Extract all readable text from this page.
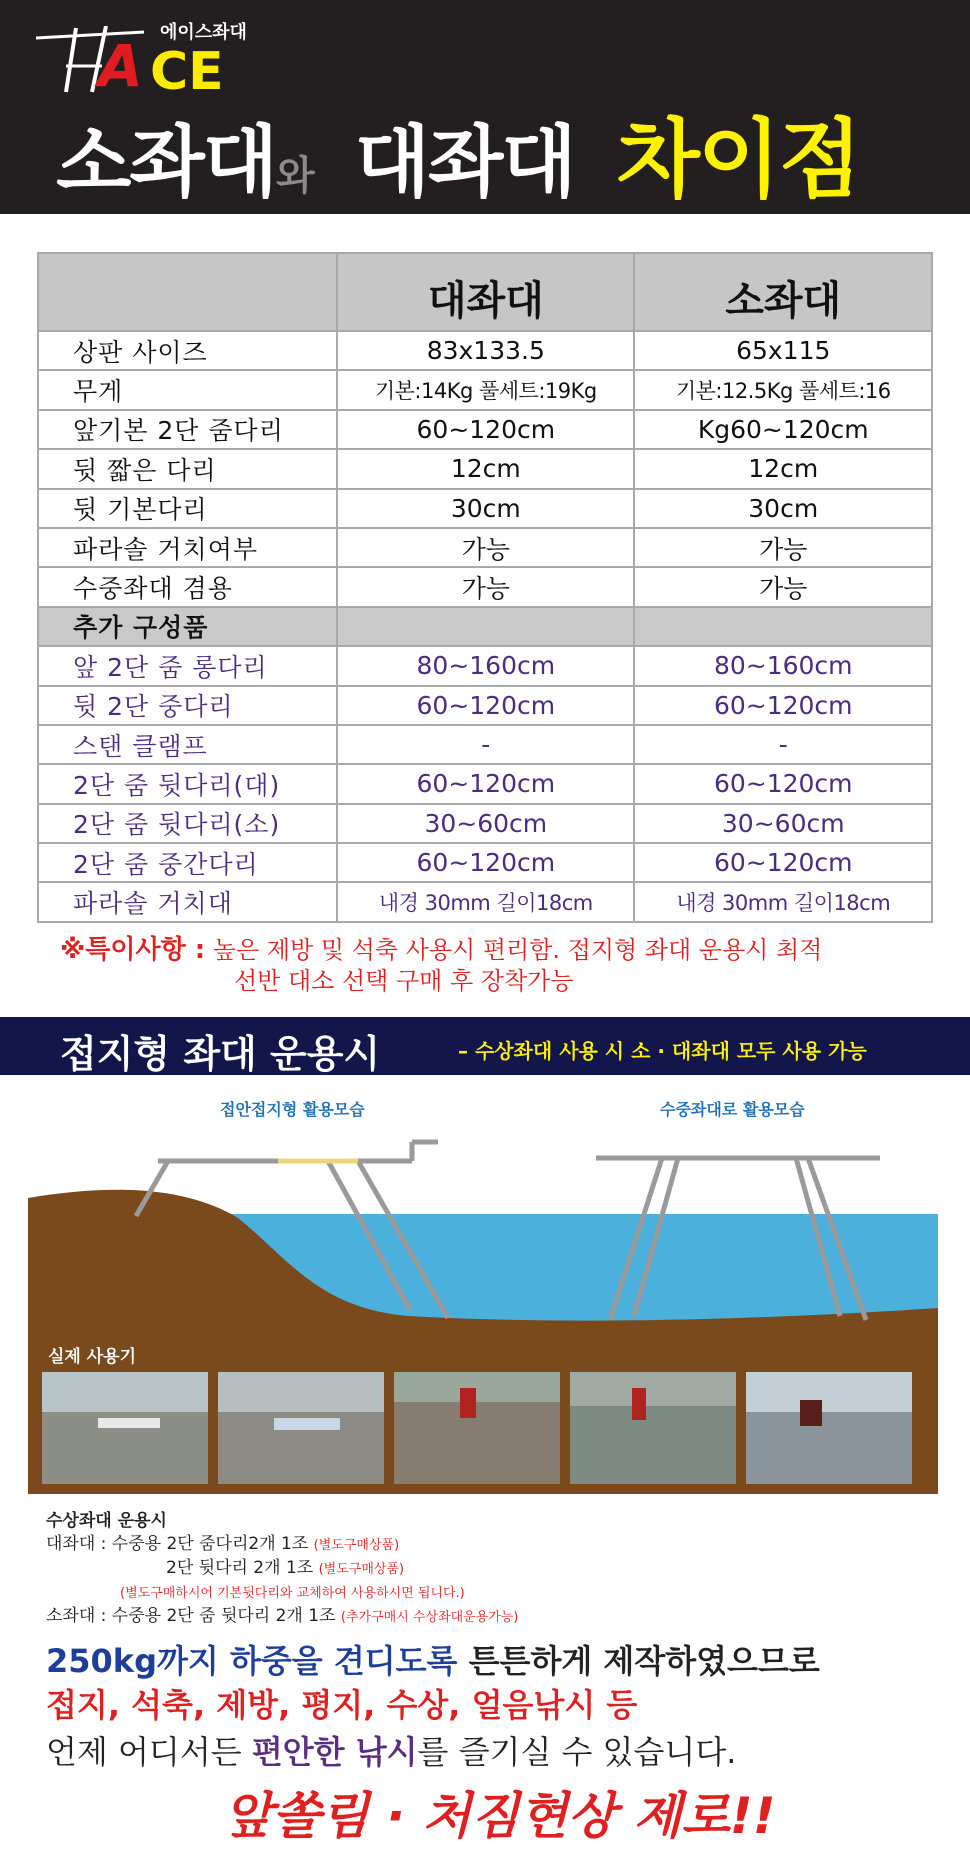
에이스좌대
A CE
소좌대와 대좌대 차이점
	대좌대	소좌대
상판 사이즈	83x133.5	65x115
무게	기본:14Kg 풀세트:19Kg	기본:12.5Kg 풀세트:16
앞기본 2단 줌다리	60~120cm	Kg60~120cm
뒷 짧은 다리	12cm	12cm
뒷 기본다리	30cm	30cm
파라솔 거치여부	가능	가능
수중좌대 겸용	가능	가능
추가 구성품		
앞 2단 줌 롱다리	80~160cm	80~160cm
뒷 2단 중다리	60~120cm	60~120cm
스탠 클램프	-	-
2단 줌 뒷다리(대)	60~120cm	60~120cm
2단 줌 뒷다리(소)	30~60cm	30~60cm
2단 줌 중간다리	60~120cm	60~120cm
파라솔 거치대	내경 30mm 길이18cm	내경 30mm 길이18cm
※특이사항 : 높은 제방 및 석축 사용시 편리함. 접지형 좌대 운용시 최적
선반 대소 선택 구매 후 장착가능
접지형 좌대 운용시	– 수상좌대 사용 시 소 · 대좌대 모두 사용 가능
접안접지형 활용모습	수중좌대로 활용모습
실제 사용기
수상좌대 운용시
대좌대 : 수중용 2단 줌다리2개 1조 (별도구매상품)
2단 뒷다리 2개 1조 (별도구매상품)
(별도구매하시어 기본뒷다리와 교체하여 사용하시면 됩니다.)
소좌대 : 수중용 2단 줌 뒷다리 2개 1조 (추가구매시 수상좌대운용가능)
250kg까지 하중을 견디도록 튼튼하게 제작하였으므로
접지, 석축, 제방, 평지, 수상, 얼음낚시 등
언제 어디서든 편안한 낚시를 즐기실 수 있습니다.
앞쏠림 · 처짐현상 제로!!
